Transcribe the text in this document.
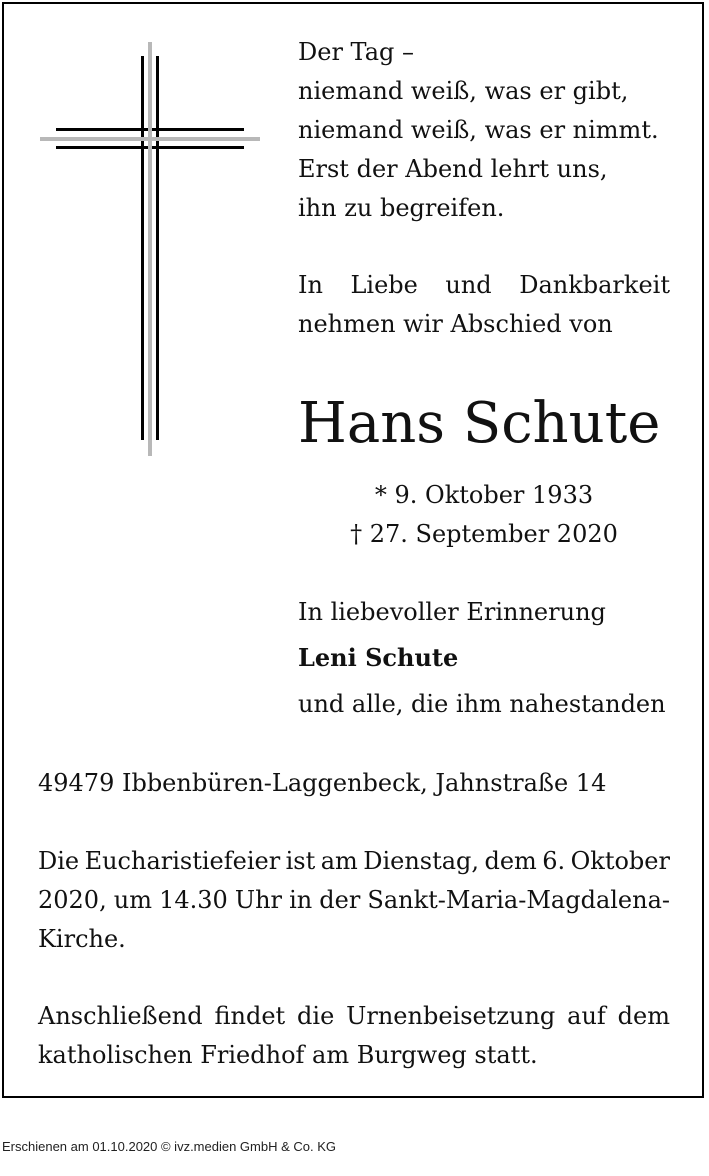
Der Tag –
niemand weiß, was er gibt,
niemand weiß, was er nimmt.
Erst der Abend lehrt uns,
ihn zu begreifen.
In Liebe und Dankbarkeit
nehmen wir Abschied von
Hans Schute
* 9. Oktober 1933
† 27. September 2020
In liebevoller Erinnerung
Leni Schute
und alle, die ihm nahestanden
49479 Ibbenbüren-Laggenbeck, Jahnstraße 14
Die Eucharistiefeier ist am Dienstag, dem 6. Oktober
2020, um 14.30 Uhr in der Sankt-Maria-Magdalena-
Kirche.
Anschließend findet die Urnenbeisetzung auf dem
katholischen Friedhof am Burgweg statt.
Erschienen am 01.10.2020 © ivz.medien GmbH & Co. KG
